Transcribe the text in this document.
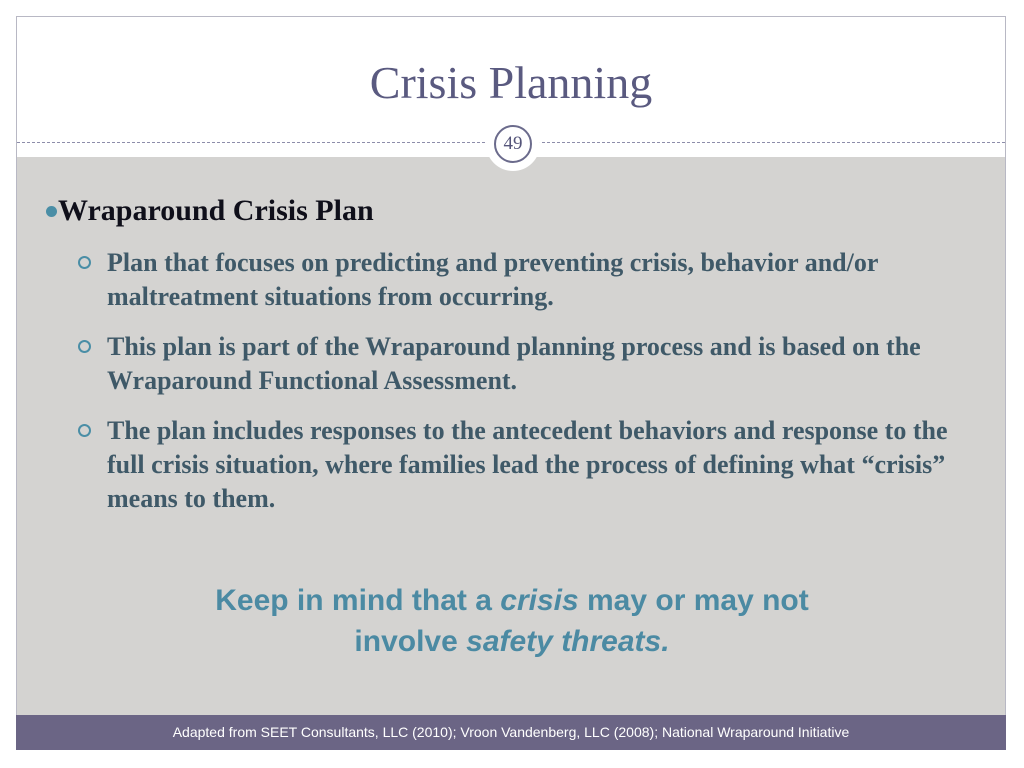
Crisis Planning
49
Wraparound Crisis Plan
Plan that focuses on predicting and preventing crisis, behavior and/or maltreatment situations from occurring.
This plan is part of the Wraparound planning process and is based on the Wraparound Functional Assessment.
The plan includes responses to the antecedent behaviors and response to the full crisis situation, where families lead the process of defining what “crisis” means to them.
Keep in mind that a crisis may or may not
involve safety threats.
Adapted from SEET Consultants, LLC (2010); Vroon Vandenberg, LLC (2008); National Wraparound Initiative
